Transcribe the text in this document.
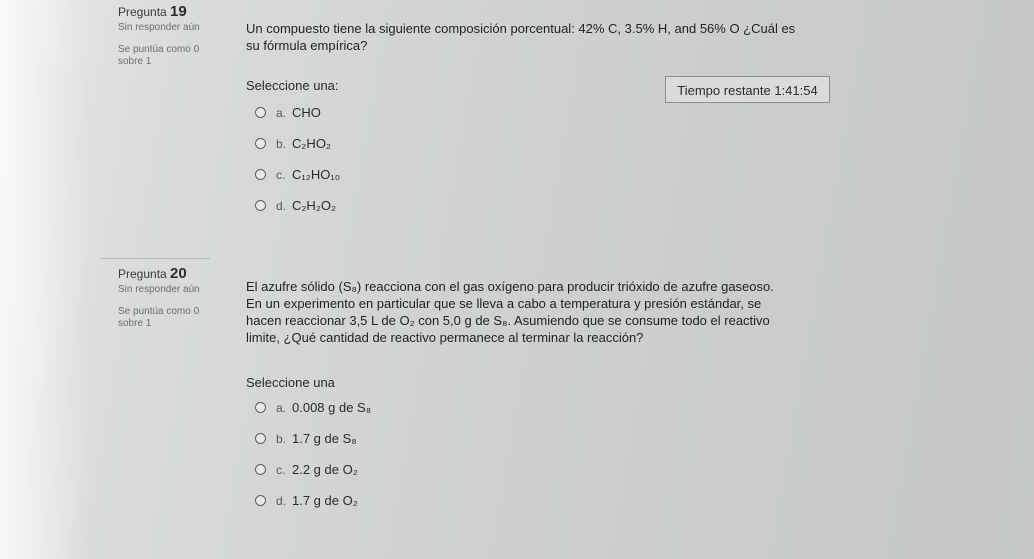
Pregunta 19
Sin responder aún
Se puntúa como 0 sobre 1
Un compuesto tiene la siguiente composición porcentual: 42% C, 3.5% H, and 56% O ¿Cuál es su fórmula empírica?
Seleccione una:	Tiempo restante 1:41:54
a. CHO
b. C₂HO₂
c. C₁₂HO₁₀
d. C₂H₂O₂
Pregunta 20
Sin responder aún
Se puntúa como 0 sobre 1
El azufre sólido (S₈) reacciona con el gas oxígeno para producir trióxido de azufre gaseoso.
En un experimento en particular que se lleva a cabo a temperatura y presión estándar, se
hacen reaccionar 3,5 L de O₂ con 5,0 g de S₈. Asumiendo que se consume todo el reactivo
limite, ¿Qué cantidad de reactivo permanece al terminar la reacción?
Seleccione una
a. 0.008 g de S₈
b. 1.7 g de S₈
c. 2.2 g de O₂
d. 1.7 g de O₂
